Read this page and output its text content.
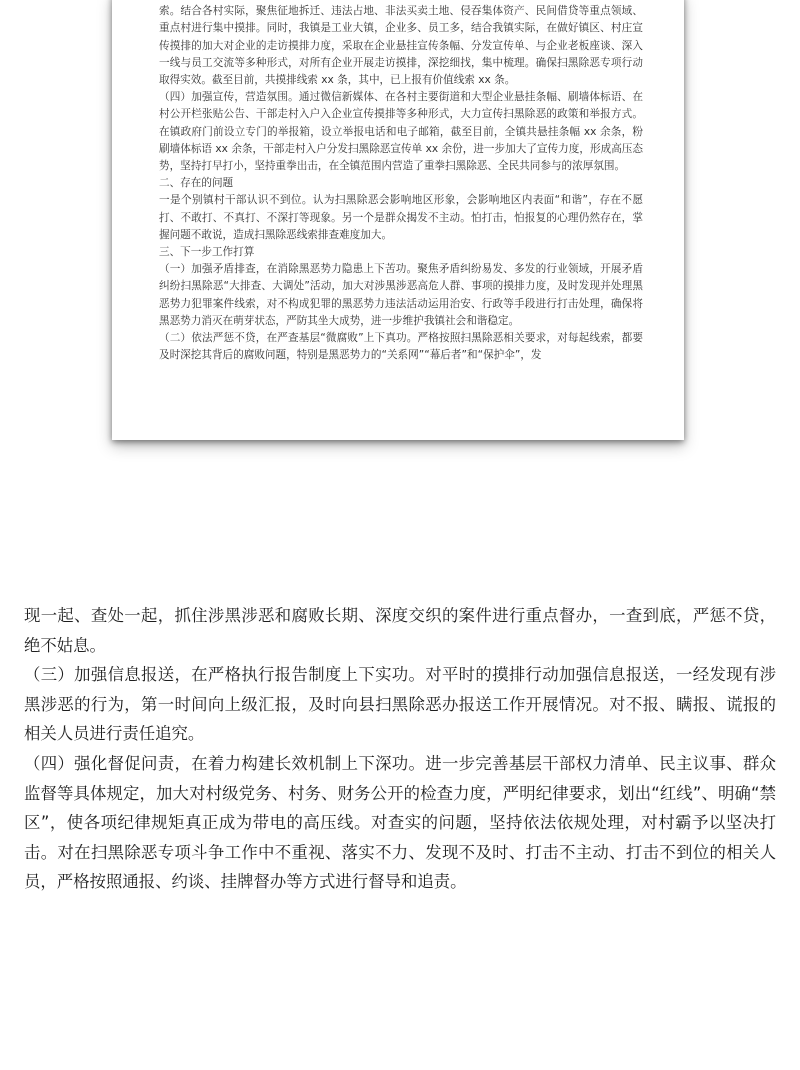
索。结合各村实际，聚焦征地拆迁、违法占地、非法买卖土地、侵吞集体资产、民间借贷等重点领域、重点村进行集中摸排。同时，我镇是工业大镇，企业多、员工多，结合我镇实际，在做好镇区、村庄宣传摸排的加大对企业的走访摸排力度，采取在企业悬挂宣传条幅、分发宣传单、与企业老板座谈、深入一线与员工交流等多种形式，对所有企业开展走访摸排，深挖细找，集中梳理。确保扫黑除恶专项行动取得实效。截至目前，共摸排线索 xx 条，其中，已上报有价值线索 xx 条。

（四）加强宣传，营造氛围。通过微信新媒体、在各村主要街道和大型企业悬挂条幅、刷墙体标语、在村公开栏张贴公告、干部走村入户入企业宣传摸排等多种形式，大力宣传扫黑除恶的政策和举报方式。在镇政府门前设立专门的举报箱，设立举报电话和电子邮箱，截至目前，全镇共悬挂条幅 xx 余条，粉刷墙体标语 xx 余条，干部走村入户分发扫黑除恶宣传单 xx 余份，进一步加大了宣传力度，形成高压态势，坚持打早打小，坚持重拳出击，在全镇范围内营造了重拳扫黑除恶、全民共同参与的浓厚氛围。

二、存在的问题

一是个别镇村干部认识不到位。认为扫黑除恶会影响地区形象，会影响地区内表面“和谐”，存在不愿打、不敢打、不真打、不深打等现象。另一个是群众揭发不主动。怕打击，怕报复的心理仍然存在，掌握问题不敢说，造成扫黑除恶线索排查难度加大。

三、下一步工作打算

（一）加强矛盾排查，在消除黑恶势力隐患上下苦功。聚焦矛盾纠纷易发、多发的行业领域，开展矛盾纠纷扫黑除恶“大排查、大调处”活动，加大对涉黑涉恶高危人群、事项的摸排力度，及时发现并处理黑恶势力犯罪案件线索，对不构成犯罪的黑恶势力违法活动运用治安、行政等手段进行打击处理，确保将黑恶势力消灭在萌芽状态，严防其坐大成势，进一步维护我镇社会和谐稳定。

（二）依法严惩不贷，在严查基层“微腐败”上下真功。严格按照扫黑除恶相关要求，对每起线索，都要及时深挖其背后的腐败问题，特别是黑恶势力的“关系网”“幕后者”和“保护伞”，发

现一起、查处一起，抓住涉黑涉恶和腐败长期、深度交织的案件进行重点督办，一查到底，严惩不贷，绝不姑息。

（三）加强信息报送，在严格执行报告制度上下实功。对平时的摸排行动加强信息报送，一经发现有涉黑涉恶的行为，第一时间向上级汇报，及时向县扫黑除恶办报送工作开展情况。对不报、瞒报、谎报的相关人员进行责任追究。

（四）强化督促问责，在着力构建长效机制上下深功。进一步完善基层干部权力清单、民主议事、群众监督等具体规定，加大对村级党务、村务、财务公开的检查力度，严明纪律要求，划出“红线”、明确“禁区”，使各项纪律规矩真正成为带电的高压线。对查实的问题，坚持依法依规处理，对村霸予以坚决打击。对在扫黑除恶专项斗争工作中不重视、落实不力、发现不及时、打击不主动、打击不到位的相关人员，严格按照通报、约谈、挂牌督办等方式进行督导和追责。
